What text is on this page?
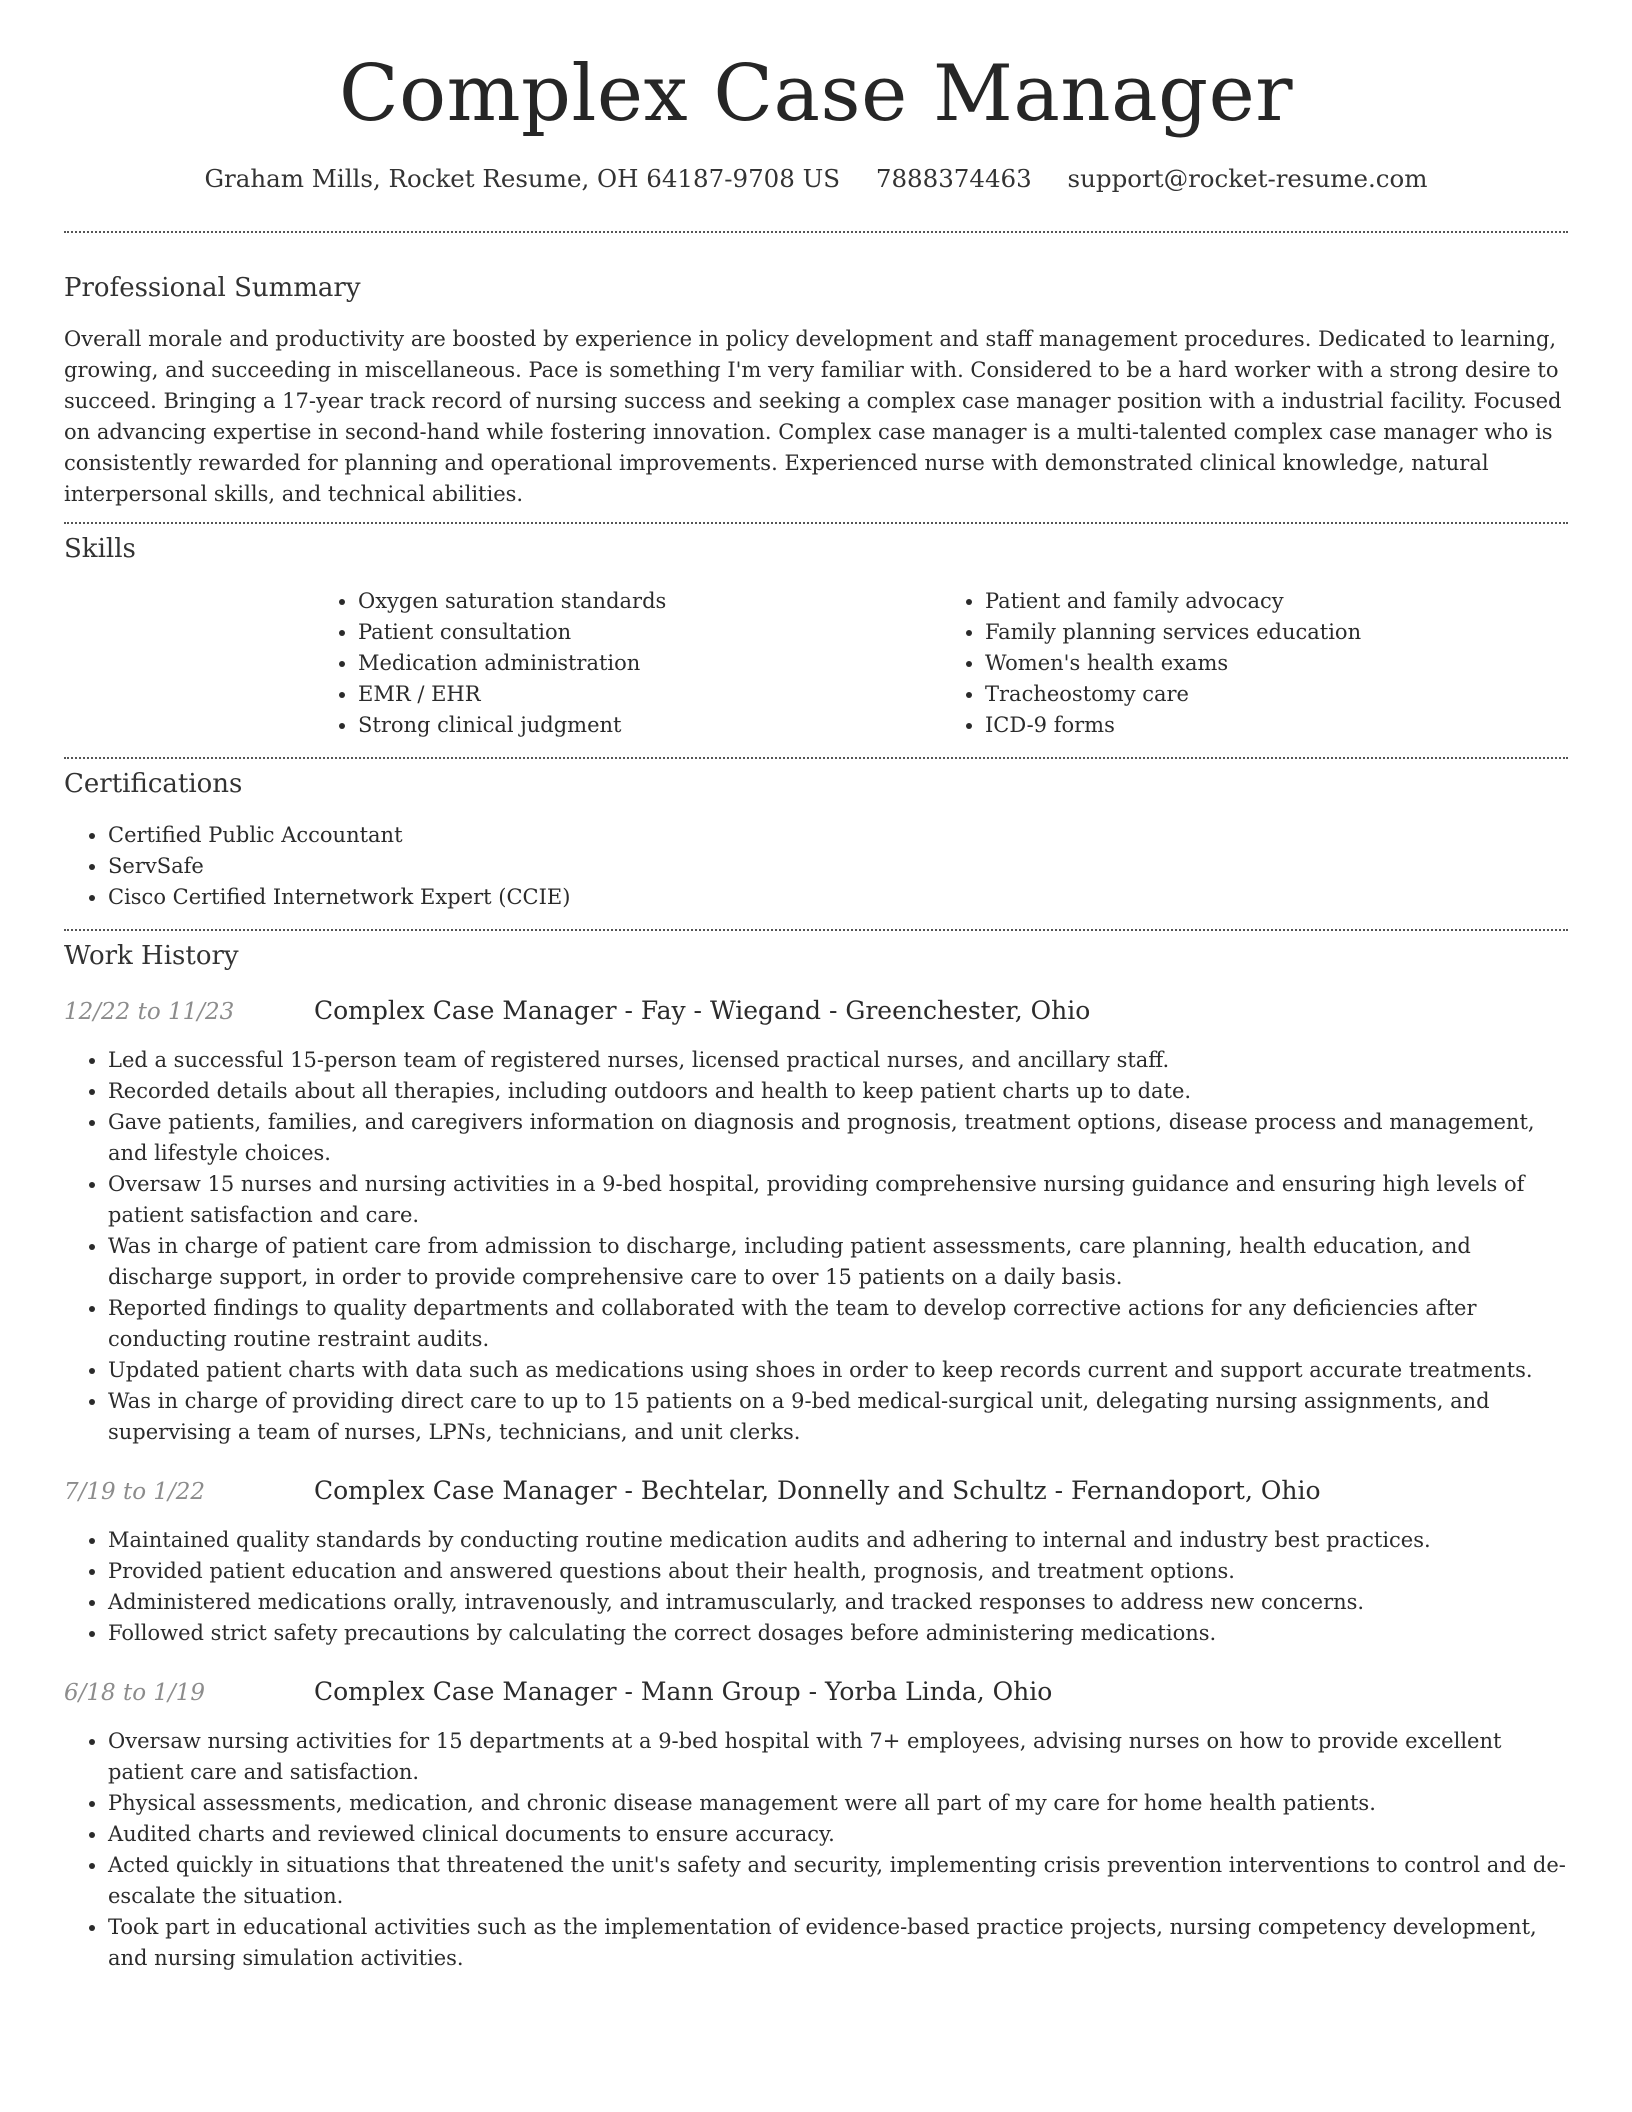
Complex Case Manager
Graham Mills, Rocket Resume, OH 64187-9708 US 7888374463 support@rocket-resume.com
Professional Summary

Overall morale and productivity are boosted by experience in policy development and staff management procedures. Dedicated to learning, growing, and succeeding in miscellaneous. Pace is something I'm very familiar with. Considered to be a hard worker with a strong desire to succeed. Bringing a 17-year track record of nursing success and seeking a complex case manager position with a industrial facility. Focused on advancing expertise in second-hand while fostering innovation. Complex case manager is a multi-talented complex case manager who is consistently rewarded for planning and operational improvements. Experienced nurse with demonstrated clinical knowledge, natural interpersonal skills, and technical abilities.

Skills
• Oxygen saturation standards
• Patient consultation
• Medication administration
• EMR / EHR
• Strong clinical judgment
• Patient and family advocacy
• Family planning services education
• Women's health exams
• Tracheostomy care
• ICD-9 forms
Certifications
• Certified Public Accountant
• ServSafe
• Cisco Certified Internetwork Expert (CCIE)
Work History
12/22 to 11/23	Complex Case Manager - Fay - Wiegand - Greenchester, Ohio
• Led a successful 15-person team of registered nurses, licensed practical nurses, and ancillary staff.
• Recorded details about all therapies, including outdoors and health to keep patient charts up to date.
• Gave patients, families, and caregivers information on diagnosis and prognosis, treatment options, disease process and management, and lifestyle choices.
• Oversaw 15 nurses and nursing activities in a 9-bed hospital, providing comprehensive nursing guidance and ensuring high levels of patient satisfaction and care.
• Was in charge of patient care from admission to discharge, including patient assessments, care planning, health education, and discharge support, in order to provide comprehensive care to over 15 patients on a daily basis.
• Reported findings to quality departments and collaborated with the team to develop corrective actions for any deficiencies after conducting routine restraint audits.
• Updated patient charts with data such as medications using shoes in order to keep records current and support accurate treatments.
• Was in charge of providing direct care to up to 15 patients on a 9-bed medical-surgical unit, delegating nursing assignments, and supervising a team of nurses, LPNs, technicians, and unit clerks.
7/19 to 1/22	Complex Case Manager - Bechtelar, Donnelly and Schultz - Fernandoport, Ohio
• Maintained quality standards by conducting routine medication audits and adhering to internal and industry best practices.
• Provided patient education and answered questions about their health, prognosis, and treatment options.
• Administered medications orally, intravenously, and intramuscularly, and tracked responses to address new concerns.
• Followed strict safety precautions by calculating the correct dosages before administering medications.
6/18 to 1/19	Complex Case Manager - Mann Group - Yorba Linda, Ohio
• Oversaw nursing activities for 15 departments at a 9-bed hospital with 7+ employees, advising nurses on how to provide excellent patient care and satisfaction.
• Physical assessments, medication, and chronic disease management were all part of my care for home health patients.
• Audited charts and reviewed clinical documents to ensure accuracy.
• Acted quickly in situations that threatened the unit's safety and security, implementing crisis prevention interventions to control and de-escalate the situation.
• Took part in educational activities such as the implementation of evidence-based practice projects, nursing competency development, and nursing simulation activities.
